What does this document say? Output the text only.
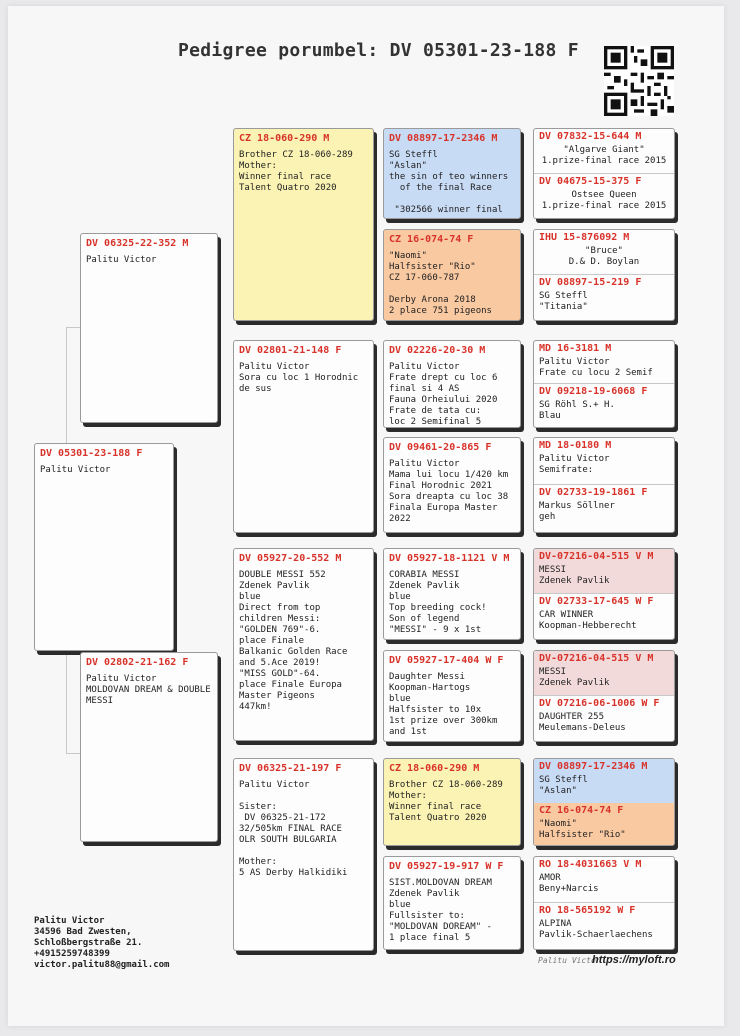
Pedigree porumbel: DV 05301-23-188 F
DV 05301-23-188 F
Palitu Victor
DV 06325-22-352 M
Palitu Victor
DV 02802-21-162 F
Palitu Victor
MOLDOVAN DREAM & DOUBLE MESSI
CZ 18-060-290 M
Brother CZ 18-060-289
Mother:
Winner final race
Talent Quatro 2020
DV 02801-21-148 F
Palitu Victor
Sora cu loc 1 Horodnic
de sus
DV 05927-20-552 M
DOUBLE MESSI 552
Zdenek Pavlik
blue
Direct from top
children Messi:
"GOLDEN 769"-6.
place Finale
Balkanic Golden Race
and 5.Ace 2019!
"MISS GOLD"-64.
place Finale Europa
Master Pigeons
447km!
DV 06325-21-197 F
Palitu Victor

Sister:
DV 06325-21-172
32/505km FINAL RACE
OLR SOUTH BULGARIA

Mother:
5 AS Derby Halkidiki
DV 08897-17-2346 M
SG Steffl
"Aslan"
the sin of teo winners
of the final Race

"302566 winner final
CZ 16-074-74 F
"Naomi"
Halfsister "Rio"
CZ 17-060-787

Derby Arona 2018
2 place 751 pigeons
DV 02226-20-30 M
Palitu Victor
Frate drept cu loc 6
final si 4 AS
Fauna Orheiului 2020
Frate de tata cu:
loc 2 Semifinal 5
DV 09461-20-865 F
Palitu Victor
Mama lui locu 1/420 km
Final Horodnic 2021
Sora dreapta cu loc 38
Finala Europa Master
2022
DV 05927-18-1121 V M
CORABIA MESSI
Zdenek Pavlik
blue
Top breeding cock!
Son of legend
"MESSI" - 9 x 1st
DV 05927-17-404 W F
Daughter Messi
Koopman-Hartogs
blue
Halfsister to 10x
1st prize over 300km
and 1st
CZ 18-060-290 M
Brother CZ 18-060-289
Mother:
Winner final race
Talent Quatro 2020
DV 05927-19-917 W F
SIST.MOLDOVAN DREAM
Zdenek Pavlik
blue
Fullsister to:
"MOLDOVAN DOREAM" -
1 place final 5
DV 07832-15-644 M
"Algarve Giant"
1.prize-final race 2015
DV 04675-15-375 F
Ostsee Queen
1.prize-final race 2015
IHU 15-876092 M
"Bruce"
D.& D. Boylan
DV 08897-15-219 F
SG Steffl
"Titania"
MD 16-3181 M
Palitu Victor
Frate cu locu 2 Semif
DV 09218-19-6068 F
SG Röhl S.+ H.
Blau
MD 18-0180 M
Palitu Victor
Semifrate:
DV 02733-19-1861 F
Markus Söllner
geh
DV-07216-04-515 V M
MESSI
Zdenek Pavlik
DV 02733-17-645 W F
CAR WINNER
Koopman-Hebberecht
DV-07216-04-515 V M
MESSI
Zdenek Pavlik
DV 07216-06-1006 W F
DAUGHTER 255
Meulemans-Deleus
DV 08897-17-2346 M
SG Steffl
"Aslan"
CZ 16-074-74 F
"Naomi"
Halfsister "Rio"
RO 18-4031663 V M
AMOR
Beny+Narcis
RO 18-565192 W F
ALPINA
Pavlik-Schaerlaechens
Palitu Victor
34596 Bad Zwesten,
Schloßbergstraße 21.
+4915259748399
victor.palitu88@gmail.com	Palitu Victor
https://myloft.ro
